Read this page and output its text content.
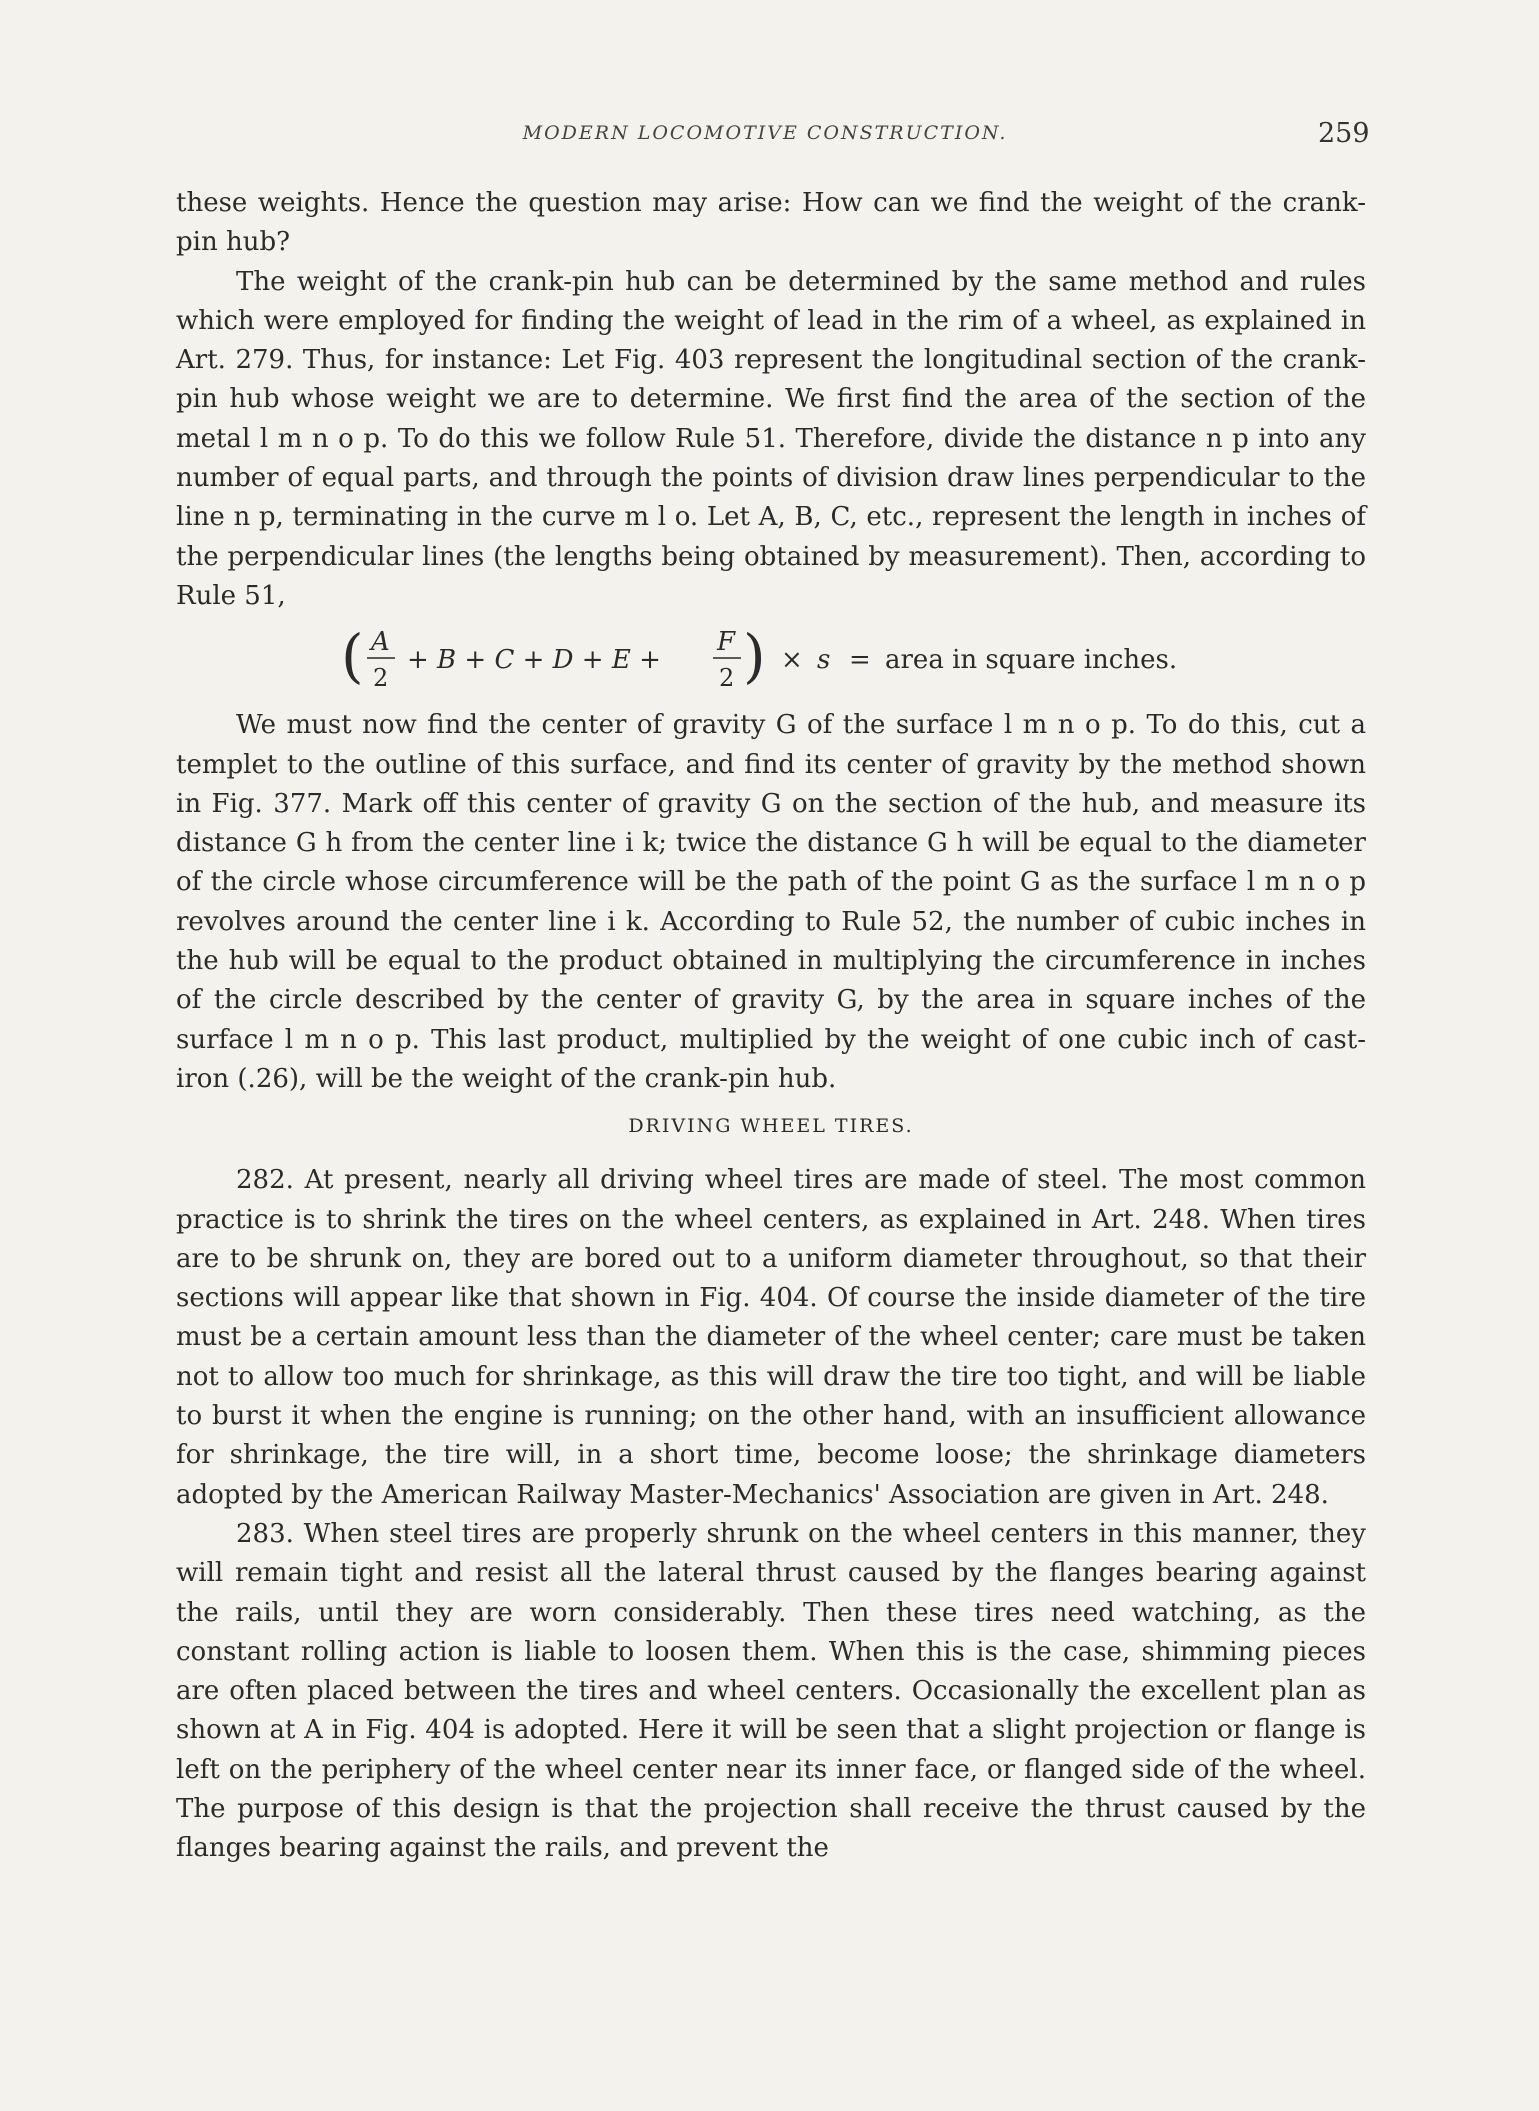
MODERN LOCOMOTIVE CONSTRUCTION.	259

these weights. Hence the question may arise: How can we find the weight of the crank-pin hub?

The weight of the crank-pin hub can be determined by the same method and rules which were employed for finding the weight of lead in the rim of a wheel, as explained in Art. 279. Thus, for instance: Let Fig. 403 represent the longitudinal section of the crank-pin hub whose weight we are to determine. We first find the area of the section of the metal l m n o p. To do this we follow Rule 51. Therefore, divide the distance n p into any number of equal parts, and through the points of division draw lines perpendicular to the line n p, terminating in the curve m l o. Let A, B, C, etc., represent the length in inches of the perpendicular lines (the lengths being obtained by measurement). Then, according to Rule 51,

( A
2
+ B + C + D + E +
F
2 ) × s = area in square inches.

We must now find the center of gravity G of the surface l m n o p. To do this, cut a templet to the outline of this surface, and find its center of gravity by the method shown in Fig. 377. Mark off this center of gravity G on the section of the hub, and measure its distance G h from the center line i k; twice the distance G h will be equal to the diameter of the circle whose circumference will be the path of the point G as the surface l m n o p revolves around the center line i k. According to Rule 52, the number of cubic inches in the hub will be equal to the product obtained in multiplying the circumference in inches of the circle described by the center of gravity G, by the area in square inches of the surface l m n o p. This last product, multiplied by the weight of one cubic inch of cast-iron (.26), will be the weight of the crank-pin hub.

DRIVING WHEEL TIRES.

282. At present, nearly all driving wheel tires are made of steel. The most common practice is to shrink the tires on the wheel centers, as explained in Art. 248. When tires are to be shrunk on, they are bored out to a uniform diameter throughout, so that their sections will appear like that shown in Fig. 404. Of course the inside diameter of the tire must be a certain amount less than the diameter of the wheel center; care must be taken not to allow too much for shrinkage, as this will draw the tire too tight, and will be liable to burst it when the engine is running; on the other hand, with an insufficient allowance for shrinkage, the tire will, in a short time, become loose; the shrinkage diameters adopted by the American Railway Master-Mechanics' Association are given in Art. 248.

283. When steel tires are properly shrunk on the wheel centers in this manner, they will remain tight and resist all the lateral thrust caused by the flanges bearing against the rails, until they are worn considerably. Then these tires need watching, as the constant rolling action is liable to loosen them. When this is the case, shimming pieces are often placed between the tires and wheel centers. Occasionally the excellent plan as shown at A in Fig. 404 is adopted. Here it will be seen that a slight projection or flange is left on the periphery of the wheel center near its inner face, or flanged side of the wheel. The purpose of this design is that the projection shall receive the thrust caused by the flanges bearing against the rails, and prevent the
